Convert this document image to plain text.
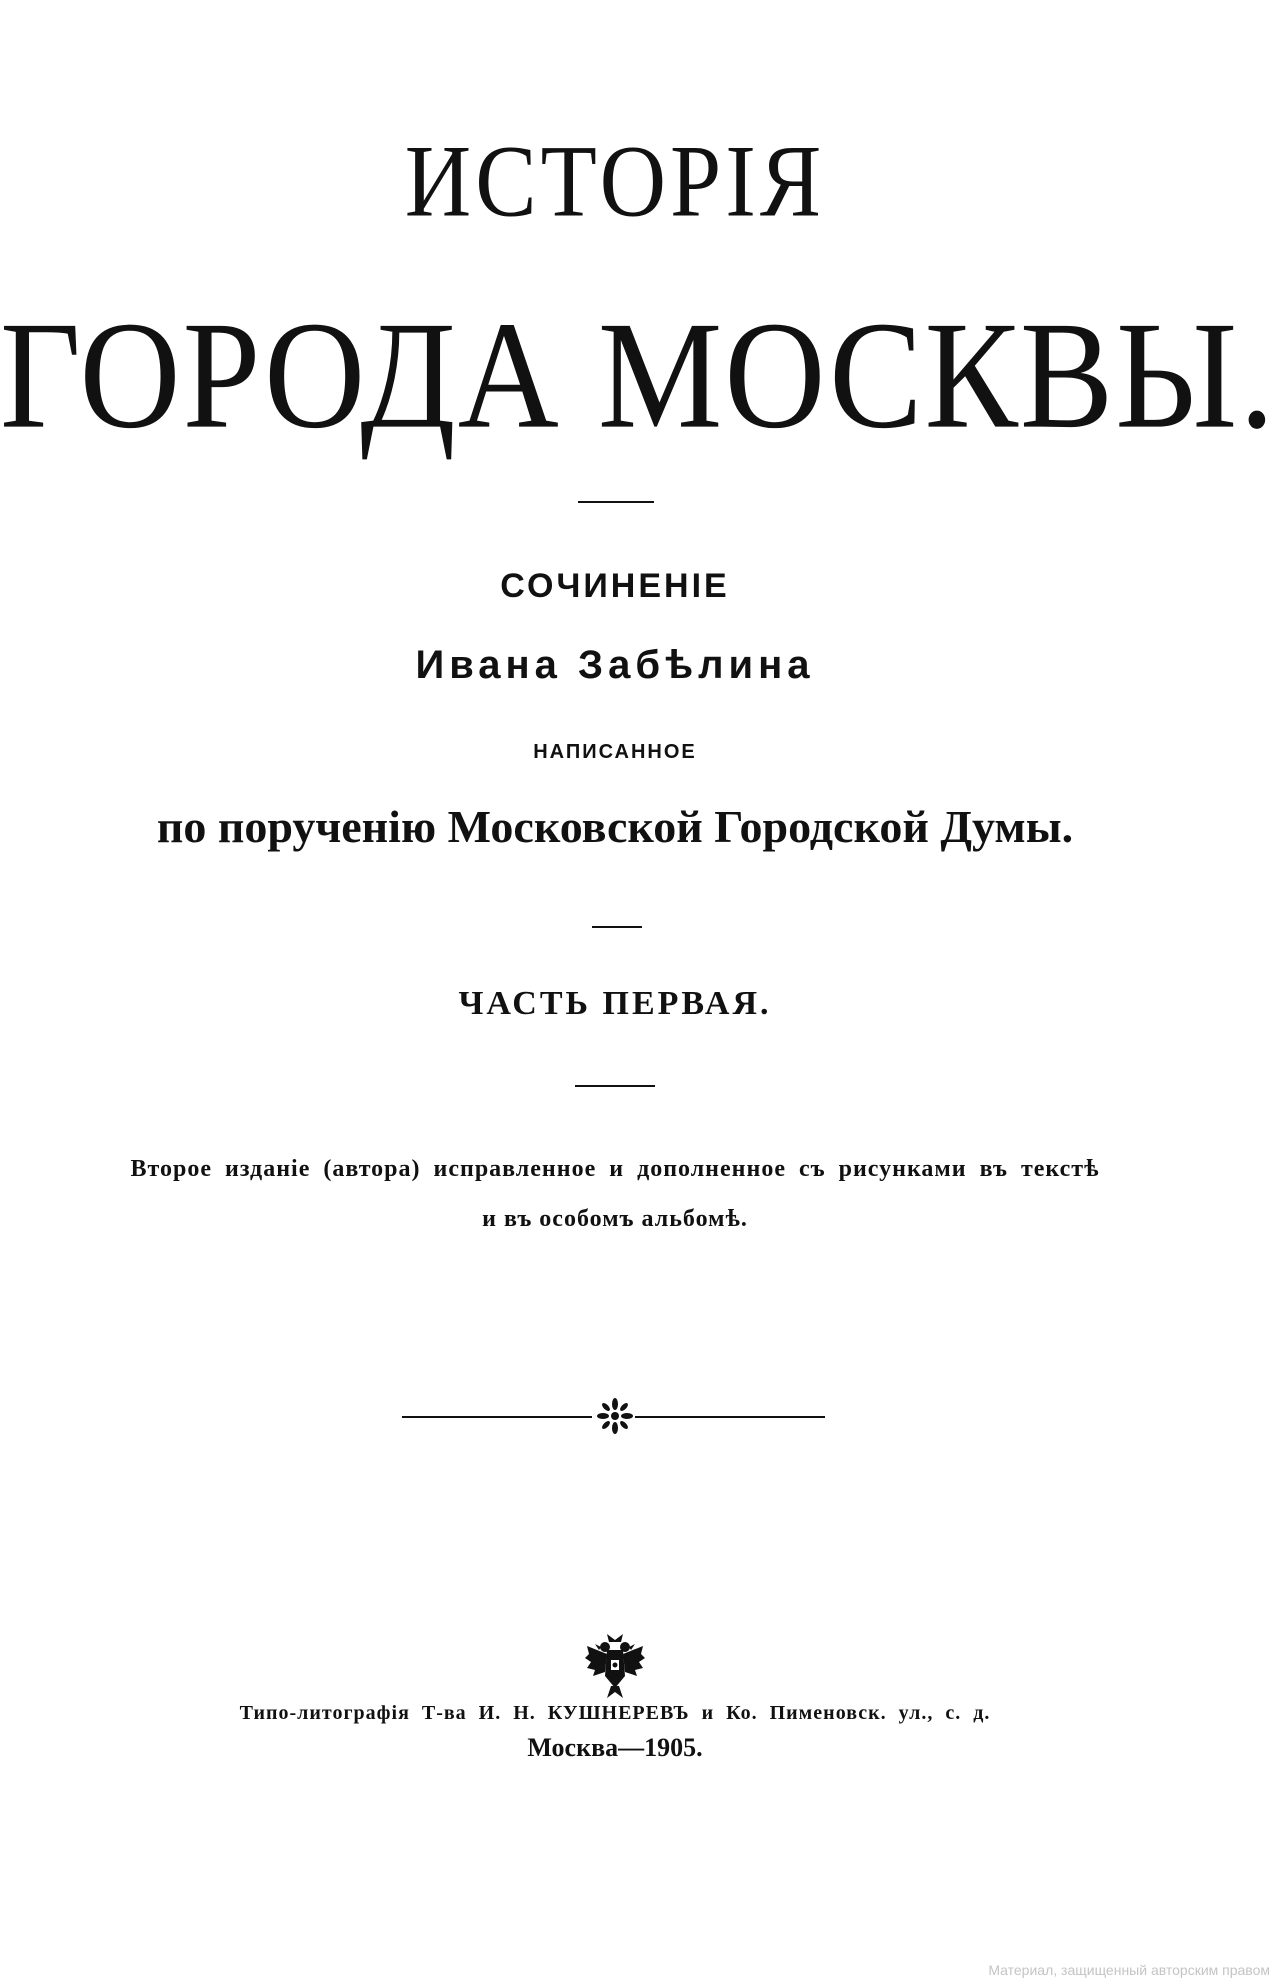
ИСТОРІЯ
ГОРОДА МОСКВЫ.
СОЧИНЕНІЕ
Ивана Забѣлина
НАПИСАННОЕ
по порученію Московской Городской Думы.
ЧАСТЬ ПЕРВАЯ.
Второе изданіе (автора) исправленное и дополненное съ рисунками въ текстѣ
и въ особомъ альбомѣ.
Типо-литографія Т-ва И. Н. КУШНЕРЕВЪ и Ко. Пименовск. ул., с. д.
Москва—1905.
Материал, защищенный авторским правом
